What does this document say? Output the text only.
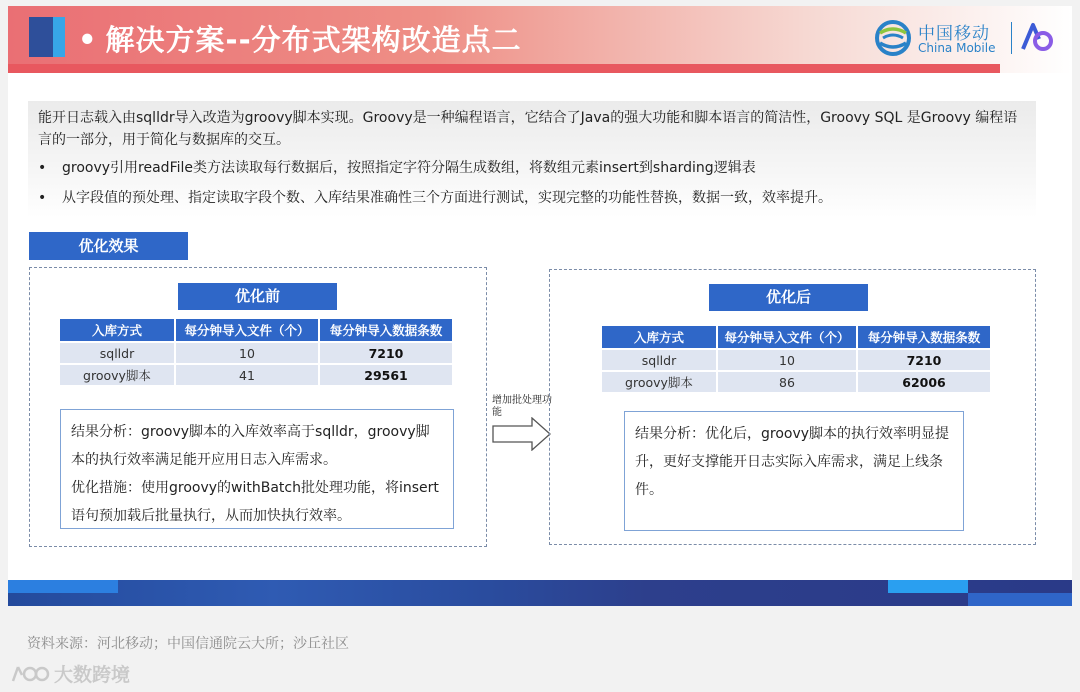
• 解决方案--分布式架构改造点二	中国移动
China Mobile
能开日志载入由sqlldr导入改造为groovy脚本实现。Groovy是一种编程语言，它结合了Java的强大功能和脚本语言的简洁性，Groovy SQL 是Groovy 编程语言的一部分，用于简化与数据库的交互。
• groovy引用readFile类方法读取每行数据后，按照指定字符分隔生成数组，将数组元素insert到sharding逻辑表
• 从字段值的预处理、指定读取字段个数、入库结果准确性三个方面进行测试，实现完整的功能性替换，数据一致，效率提升。
优化效果
优化前
入库方式	每分钟导入文件（个）	每分钟导入数据条数
sqlldr	10	7210
groovy脚本	41	29561
结果分析：groovy脚本的入库效率高于sqlldr，groovy脚本的执行效率满足能开应用日志入库需求。
优化措施：使用groovy的withBatch批处理功能，将insert语句预加载后批量执行，从而加快执行效率。
增加批处理功能
优化后
入库方式	每分钟导入文件（个）	每分钟导入数据条数
sqlldr	10	7210
groovy脚本	86	62006
结果分析：优化后，groovy脚本的执行效率明显提升，更好支撑能开日志实际入库需求，满足上线条件。
资料来源：河北移动；中国信通院云大所；沙丘社区
大数跨境
